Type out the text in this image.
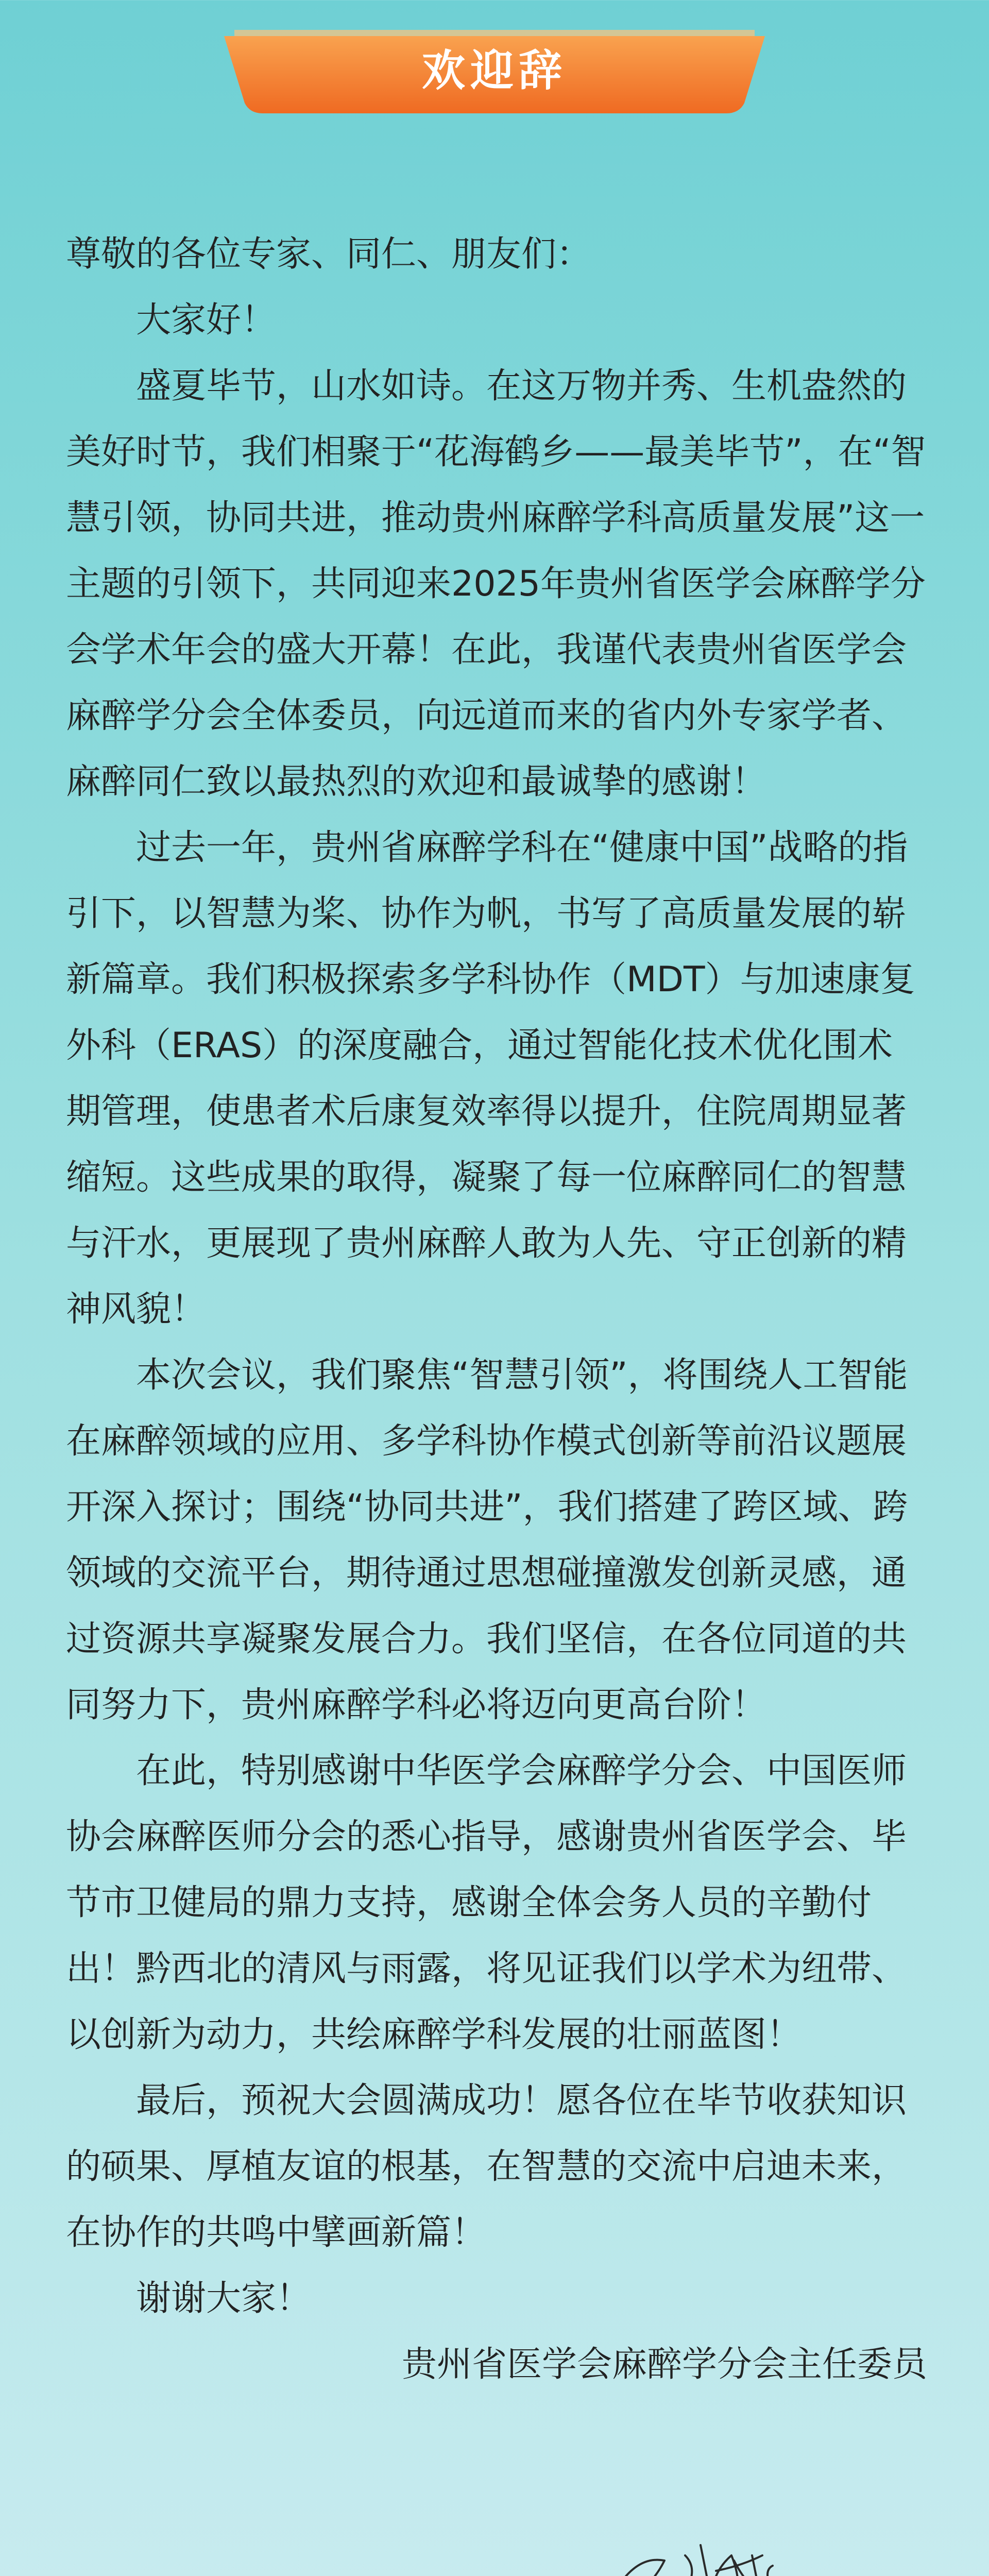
欢迎辞

尊敬的各位专家、同仁、朋友们：

大家好！

盛夏毕节，山水如诗。在这万物并秀、生机盎然的美好时节，我们相聚于“花海鹤乡——最美毕节”，在“智慧引领，协同共进，推动贵州麻醉学科高质量发展”这一主题的引领下，共同迎来2025年贵州省医学会麻醉学分会学术年会的盛大开幕！在此，我谨代表贵州省医学会麻醉学分会全体委员，向远道而来的省内外专家学者、麻醉同仁致以最热烈的欢迎和最诚挚的感谢！

过去一年，贵州省麻醉学科在“健康中国”战略的指引下，以智慧为桨、协作为帆，书写了高质量发展的崭新篇章。我们积极探索多学科协作（MDT）与加速康复外科（ERAS）的深度融合，通过智能化技术优化围术期管理，使患者术后康复效率得以提升，住院周期显著缩短。这些成果的取得，凝聚了每一位麻醉同仁的智慧与汗水，更展现了贵州麻醉人敢为人先、守正创新的精神风貌！

本次会议，我们聚焦“智慧引领”，将围绕人工智能在麻醉领域的应用、多学科协作模式创新等前沿议题展开深入探讨；围绕“协同共进”，我们搭建了跨区域、跨领域的交流平台，期待通过思想碰撞激发创新灵感，通过资源共享凝聚发展合力。我们坚信，在各位同道的共同努力下，贵州麻醉学科必将迈向更高台阶！

在此，特别感谢中华医学会麻醉学分会、中国医师协会麻醉医师分会的悉心指导，感谢贵州省医学会、毕节市卫健局的鼎力支持，感谢全体会务人员的辛勤付出！黔西北的清风与雨露，将见证我们以学术为纽带、以创新为动力，共绘麻醉学科发展的壮丽蓝图！

最后，预祝大会圆满成功！愿各位在毕节收获知识的硕果、厚植友谊的根基，在智慧的交流中启迪未来，在协作的共鸣中擘画新篇！

谢谢大家！

贵州省医学会麻醉学分会主任委员
